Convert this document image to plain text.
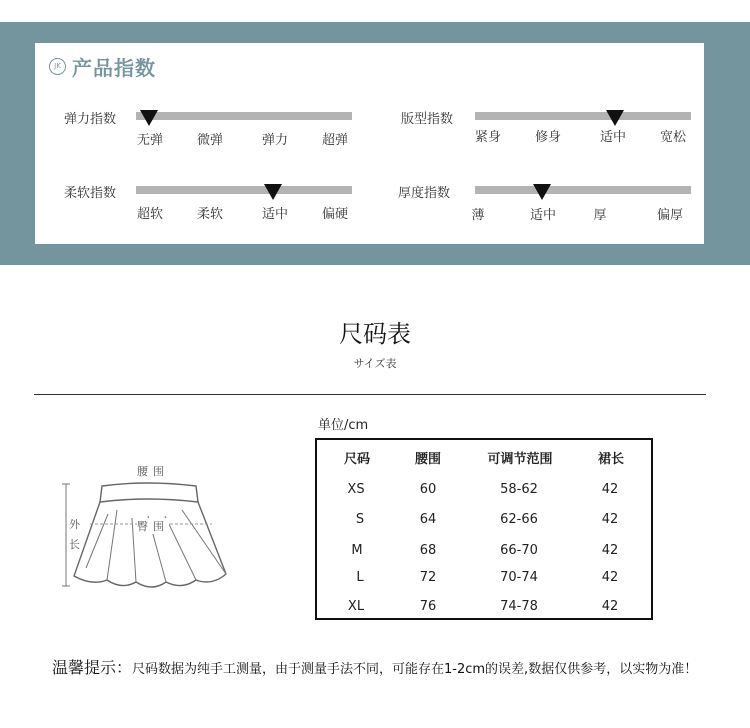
JK 产品指数
弹力指数
无弹	微弹	弹力	超弹
版型指数
紧身	修身	适中	宽松
柔软指数
超软	柔软	适中	偏硬
厚度指数
薄	适中	厚	偏厚
尺码表
サイズ表
腰围
臀围
外长
单位/cm
尺码	腰围	可调节范围	裙长
XS	60	58-62	42
S	64	62-66	42
M	68	66-70	42
L	72	70-74	42
XL	76	74-78	42
温馨提示：尺码数据为纯手工测量，由于测量手法不同，可能存在1-2cm的误差,数据仅供参考，以实物为准！
